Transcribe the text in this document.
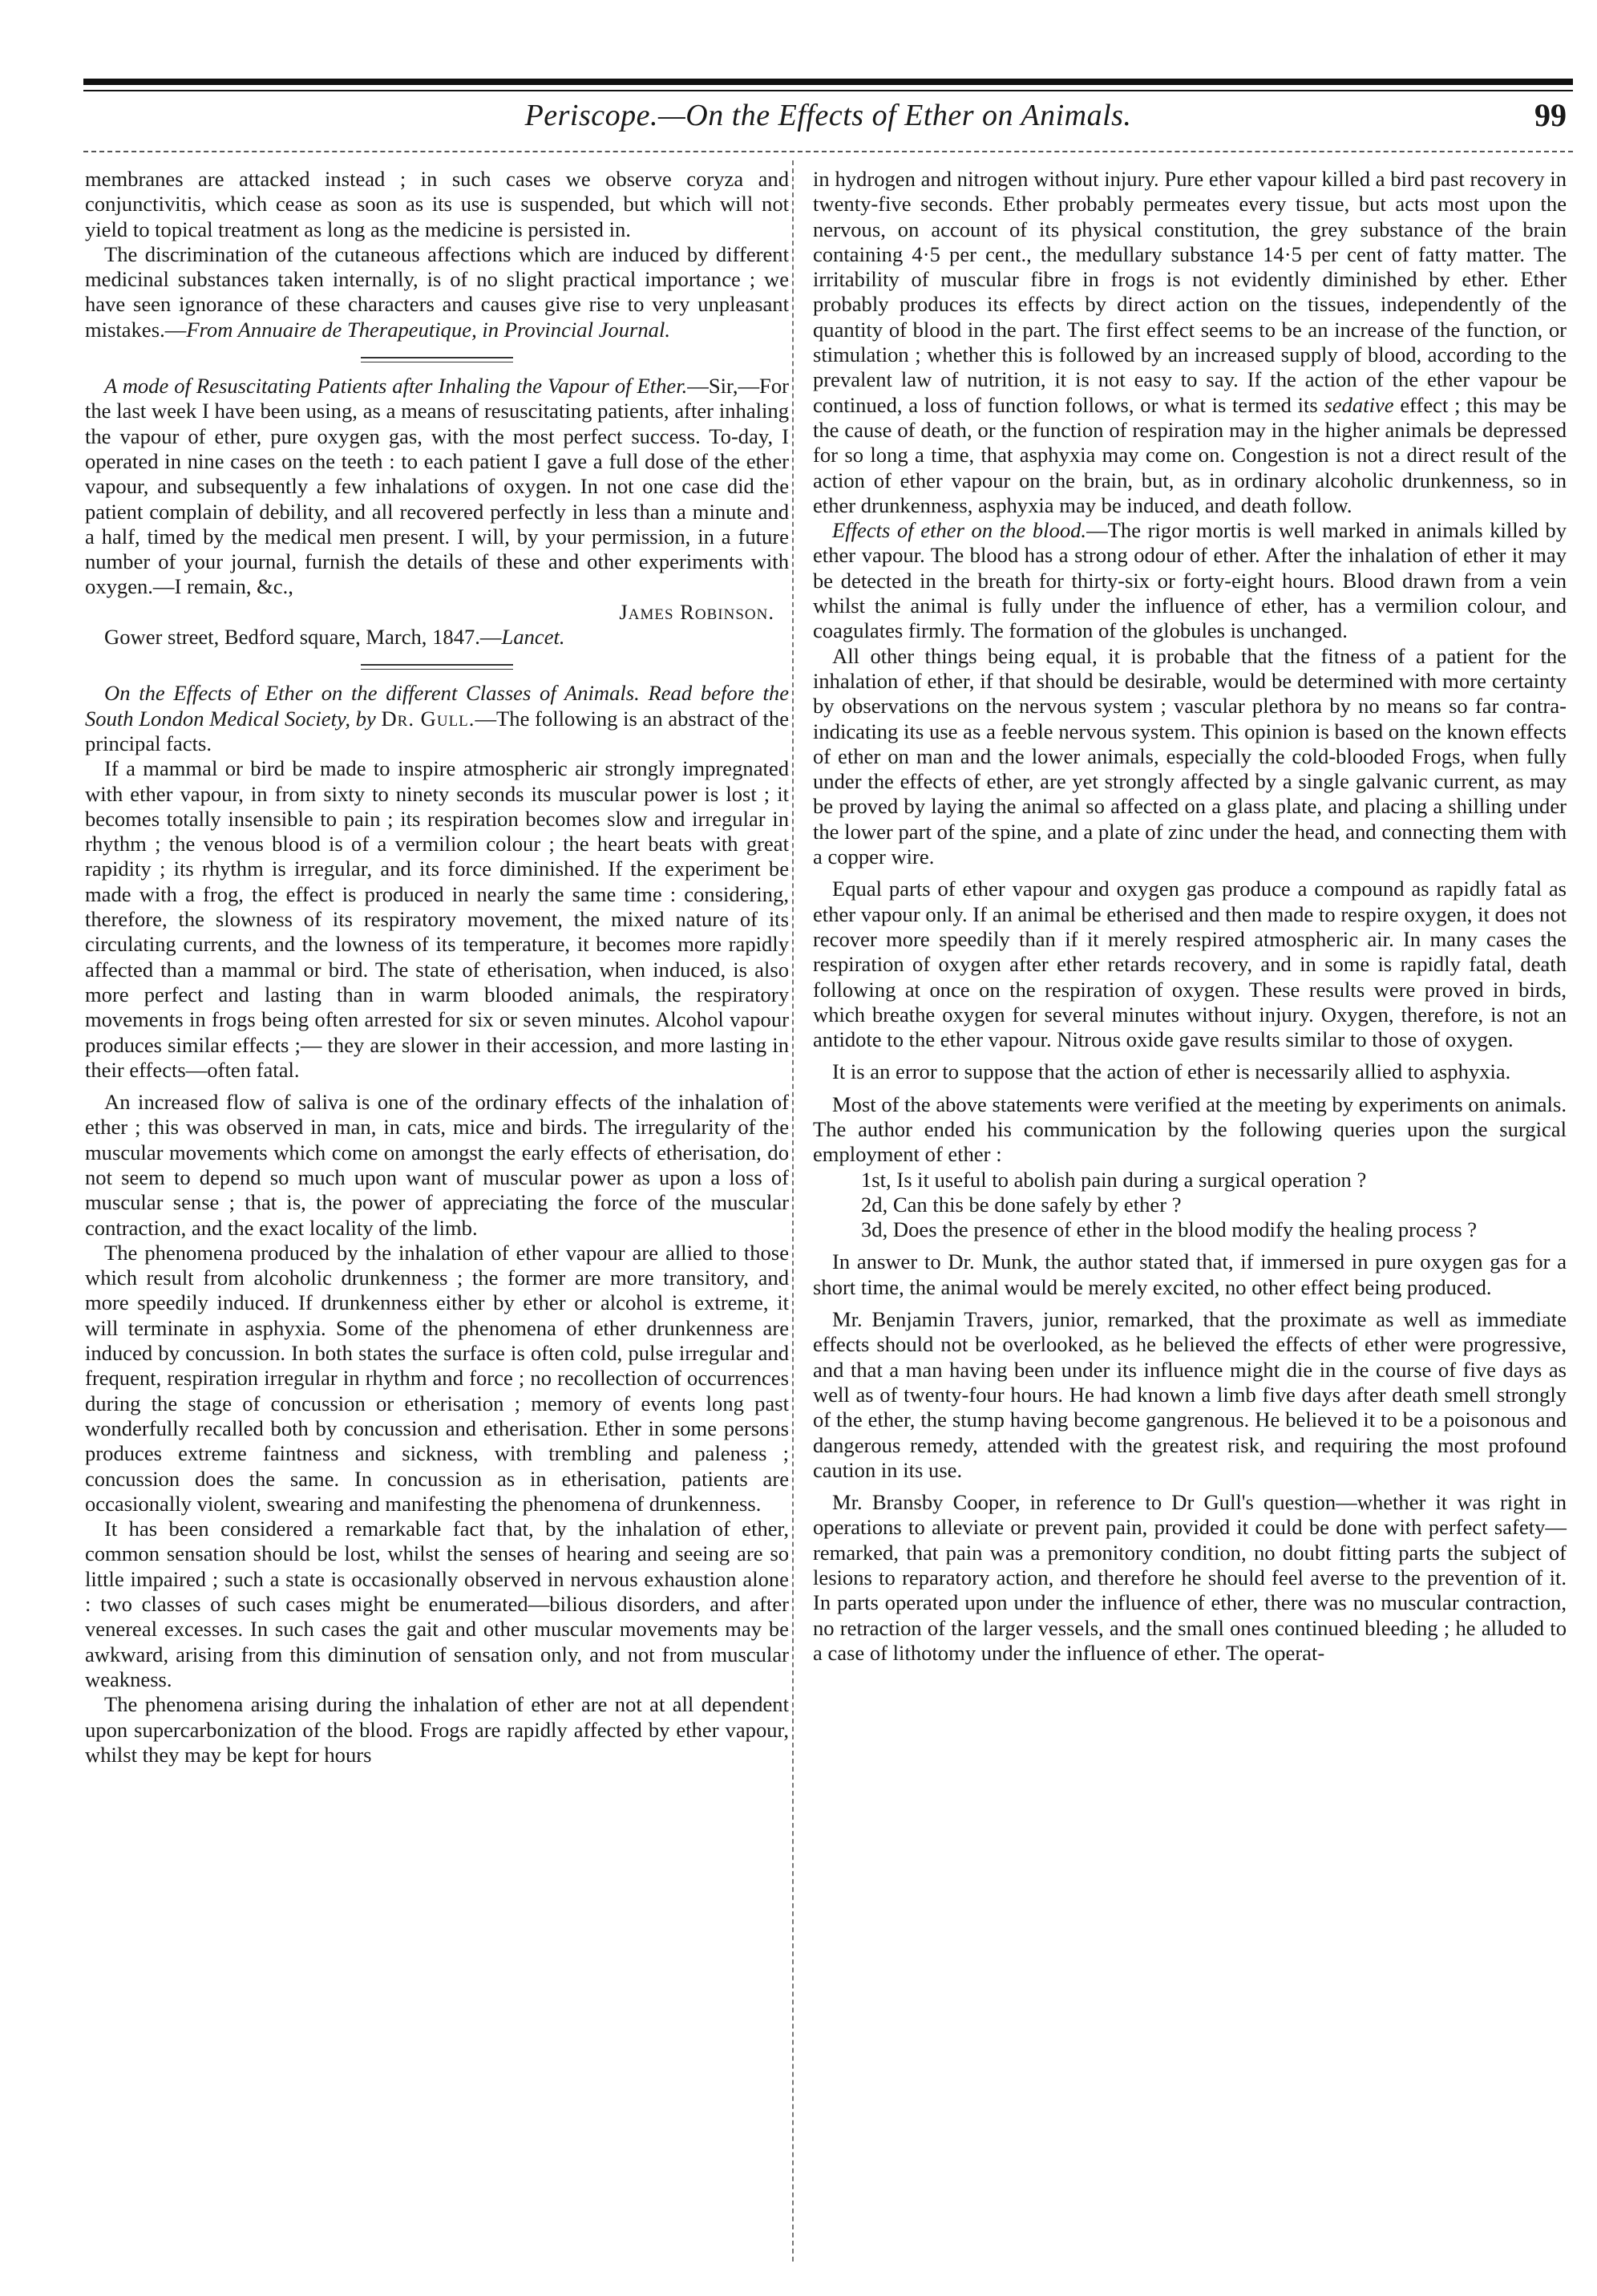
Periscope.—On the Effects of Ether on Animals.	99

membranes are attacked instead ; in such cases we observe coryza and conjunctivitis, which cease as soon as its use is suspended, but which will not yield to topical treatment as long as the medicine is persisted in.

The discrimination of the cutaneous affections which are induced by different medicinal substances taken internally, is of no slight practical importance ; we have seen ignorance of these characters and causes give rise to very unpleasant mistakes.—From Annuaire de Therapeutique, in Provincial Journal.

A mode of Resuscitating Patients after Inhaling the Vapour of Ether.—Sir,—For the last week I have been using, as a means of resuscitating patients, after inhaling the vapour of ether, pure oxygen gas, with the most perfect success. To-day, I operated in nine cases on the teeth : to each patient I gave a full dose of the ether vapour, and subsequently a few inhalations of oxygen. In not one case did the patient complain of debility, and all recovered perfectly in less than a minute and a half, timed by the medical men present. I will, by your permission, in a future number of your journal, furnish the details of these and other experiments with oxygen.—I remain, &c.,

James Robinson.

Gower street, Bedford square, March, 1847.—Lancet.

On the Effects of Ether on the different Classes of Animals. Read before the South London Medical Society, by Dr. Gull.—The following is an abstract of the principal facts.

If a mammal or bird be made to inspire atmospheric air strongly impregnated with ether vapour, in from sixty to ninety seconds its muscular power is lost ; it becomes totally insensible to pain ; its respiration becomes slow and irregular in rhythm ; the venous blood is of a vermilion colour ; the heart beats with great rapidity ; its rhythm is irregular, and its force diminished. If the experiment be made with a frog, the effect is produced in nearly the same time : considering, therefore, the slowness of its respiratory movement, the mixed nature of its circulating currents, and the lowness of its temperature, it becomes more rapidly affected than a mammal or bird. The state of etherisation, when induced, is also more perfect and lasting than in warm blooded animals, the respiratory movements in frogs being often arrested for six or seven minutes. Alcohol vapour produces similar effects ;— they are slower in their accession, and more lasting in their effects—often fatal.

An increased flow of saliva is one of the ordinary effects of the inhalation of ether ; this was observed in man, in cats, mice and birds. The irregularity of the muscular movements which come on amongst the early effects of etherisation, do not seem to depend so much upon want of muscular power as upon a loss of muscular sense ; that is, the power of appreciating the force of the muscular contraction, and the exact locality of the limb.

The phenomena produced by the inhalation of ether vapour are allied to those which result from alcoholic drunkenness ; the former are more transitory, and more speedily induced. If drunkenness either by ether or alcohol is extreme, it will terminate in asphyxia. Some of the phenomena of ether drunkenness are induced by concussion. In both states the surface is often cold, pulse irregular and frequent, respiration irregular in rhythm and force ; no recollection of occurrences during the stage of concussion or etherisation ; memory of events long past wonderfully recalled both by concussion and etherisation. Ether in some persons produces extreme faintness and sickness, with trembling and paleness ; concussion does the same. In concussion as in etherisation, patients are occasionally violent, swearing and manifesting the phenomena of drunkenness.

It has been considered a remarkable fact that, by the inhalation of ether, common sensation should be lost, whilst the senses of hearing and seeing are so little impaired ; such a state is occasionally observed in nervous exhaustion alone : two classes of such cases might be enumerated—bilious disorders, and after venereal excesses. In such cases the gait and other muscular movements may be awkward, arising from this diminution of sensation only, and not from muscular weakness.

The phenomena arising during the inhalation of ether are not at all dependent upon supercarbonization of the blood. Frogs are rapidly affected by ether vapour, whilst they may be kept for hours

in hydrogen and nitrogen without injury. Pure ether vapour killed a bird past recovery in twenty-five seconds. Ether probably permeates every tissue, but acts most upon the nervous, on account of its physical constitution, the grey substance of the brain containing 4·5 per cent., the medullary substance 14·5 per cent of fatty matter. The irritability of muscular fibre in frogs is not evidently diminished by ether. Ether probably produces its effects by direct action on the tissues, independently of the quantity of blood in the part. The first effect seems to be an increase of the function, or stimulation ; whether this is followed by an increased supply of blood, according to the prevalent law of nutrition, it is not easy to say. If the action of the ether vapour be continued, a loss of function follows, or what is termed its sedative effect ; this may be the cause of death, or the function of respiration may in the higher animals be depressed for so long a time, that asphyxia may come on. Congestion is not a direct result of the action of ether vapour on the brain, but, as in ordinary alcoholic drunkenness, so in ether drunkenness, asphyxia may be induced, and death follow.

Effects of ether on the blood.—The rigor mortis is well marked in animals killed by ether vapour. The blood has a strong odour of ether. After the inhalation of ether it may be detected in the breath for thirty-six or forty-eight hours. Blood drawn from a vein whilst the animal is fully under the influence of ether, has a vermilion colour, and coagulates firmly. The formation of the globules is unchanged.

All other things being equal, it is probable that the fitness of a patient for the inhalation of ether, if that should be desirable, would be determined with more certainty by observations on the nervous system ; vascular plethora by no means so far contra-indicating its use as a feeble nervous system. This opinion is based on the known effects of ether on man and the lower animals, especially the cold-blooded Frogs, when fully under the effects of ether, are yet strongly affected by a single galvanic current, as may be proved by laying the animal so affected on a glass plate, and placing a shilling under the lower part of the spine, and a plate of zinc under the head, and connecting them with a copper wire.

Equal parts of ether vapour and oxygen gas produce a compound as rapidly fatal as ether vapour only. If an animal be etherised and then made to respire oxygen, it does not recover more speedily than if it merely respired atmospheric air. In many cases the respiration of oxygen after ether retards recovery, and in some is rapidly fatal, death following at once on the respiration of oxygen. These results were proved in birds, which breathe oxygen for several minutes without injury. Oxygen, therefore, is not an antidote to the ether vapour. Nitrous oxide gave results similar to those of oxygen.

It is an error to suppose that the action of ether is necessarily allied to asphyxia.

Most of the above statements were verified at the meeting by experiments on animals. The author ended his communication by the following queries upon the surgical employment of ether :

1st, Is it useful to abolish pain during a surgical operation ?

2d, Can this be done safely by ether ?

3d, Does the presence of ether in the blood modify the healing process ?

In answer to Dr. Munk, the author stated that, if immersed in pure oxygen gas for a short time, the animal would be merely excited, no other effect being produced.

Mr. Benjamin Travers, junior, remarked, that the proximate as well as immediate effects should not be overlooked, as he believed the effects of ether were progressive, and that a man having been under its influence might die in the course of five days as well as of twenty-four hours. He had known a limb five days after death smell strongly of the ether, the stump having become gangrenous. He believed it to be a poisonous and dangerous remedy, attended with the greatest risk, and requiring the most profound caution in its use.

Mr. Bransby Cooper, in reference to Dr Gull's question—whether it was right in operations to alleviate or prevent pain, provided it could be done with perfect safety—remarked, that pain was a premonitory condition, no doubt fitting parts the subject of lesions to reparatory action, and therefore he should feel averse to the prevention of it. In parts operated upon under the influence of ether, there was no muscular contraction, no retraction of the larger vessels, and the small ones continued bleeding ; he alluded to a case of lithotomy under the influence of ether. The operat-
